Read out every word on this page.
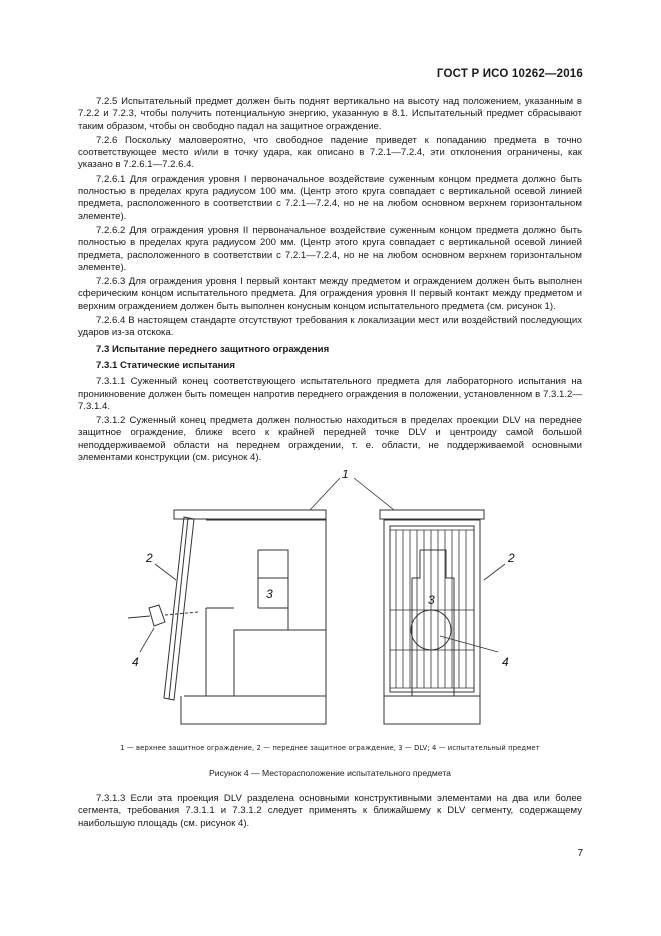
ГОСТ Р ИСО 10262—2016

7.2.5 Испытательный предмет должен быть поднят вертикально на высоту над положением, указанным в 7.2.2 и 7.2.3, чтобы получить потенциальную энергию, указанную в 8.1. Испытательный предмет сбрасывают таким образом, чтобы он свободно падал на защитное ограждение.

7.2.6 Поскольку маловероятно, что свободное падение приведет к попаданию предмета в точно соответствующее место и/или в точку удара, как описано в 7.2.1—7.2.4, эти отклонения ограничены, как указано в 7.2.6.1—7.2.6.4.

7.2.6.1 Для ограждения уровня I первоначальное воздействие суженным концом предмета должно быть полностью в пределах круга радиусом 100 мм. (Центр этого круга совпадает с вертикальной осевой линией предмета, расположенного в соответствии с 7.2.1—7.2.4, но не на любом основном верхнем горизонтальном элементе).

7.2.6.2 Для ограждения уровня II первоначальное воздействие суженным концом предмета должно быть полностью в пределах круга радиусом 200 мм. (Центр этого круга совпадает с вертикальной осевой линией предмета, расположенного в соответствии с 7.2.1—7.2.4, но не на любом основном верхнем горизонтальном элементе).

7.2.6.3 Для ограждения уровня I первый контакт между предметом и ограждением должен быть выполнен сферическим концом испытательного предмета. Для ограждения уровня II первый контакт между предметом и верхним ограждением должен быть выполнен конусным концом испытательного предмета (см. рисунок 1).

7.2.6.4 В настоящем стандарте отсутствуют требования к локализации мест или воздействий последующих ударов из-за отскока.

7.3 Испытание переднего защитного ограждения

7.3.1 Статические испытания

7.3.1.1 Суженный конец соответствующего испытательного предмета для лабораторного испытания на проникновение должен быть помещен напротив переднего ограждения в положении, установленном в 7.3.1.2—7.3.1.4.

7.3.1.2 Суженный конец предмета должен полностью находиться в пределах проекции DLV на переднее защитное ограждение, ближе всего к крайней передней точке DLV и центроиду самой большой неподдерживаемой области на переднем ограждении, т. е. области, не поддерживаемой основными элементами конструкции (см. рисунок 4).

1
2	2
3	3
4	4
1 — верхнее защитное ограждение, 2 — переднее защитное ограждение, 3 — DLV; 4 — испытательный предмет
Рисунок 4 — Месторасположение испытательного предмета

7.3.1.3 Если эта проекция DLV разделена основными конструктивными элементами на два или более сегмента, требования 7.3.1.1 и 7.3.1.2 следует применять к ближайшему к DLV сегменту, содержащему наибольшую площадь (см. рисунок 4).

7
